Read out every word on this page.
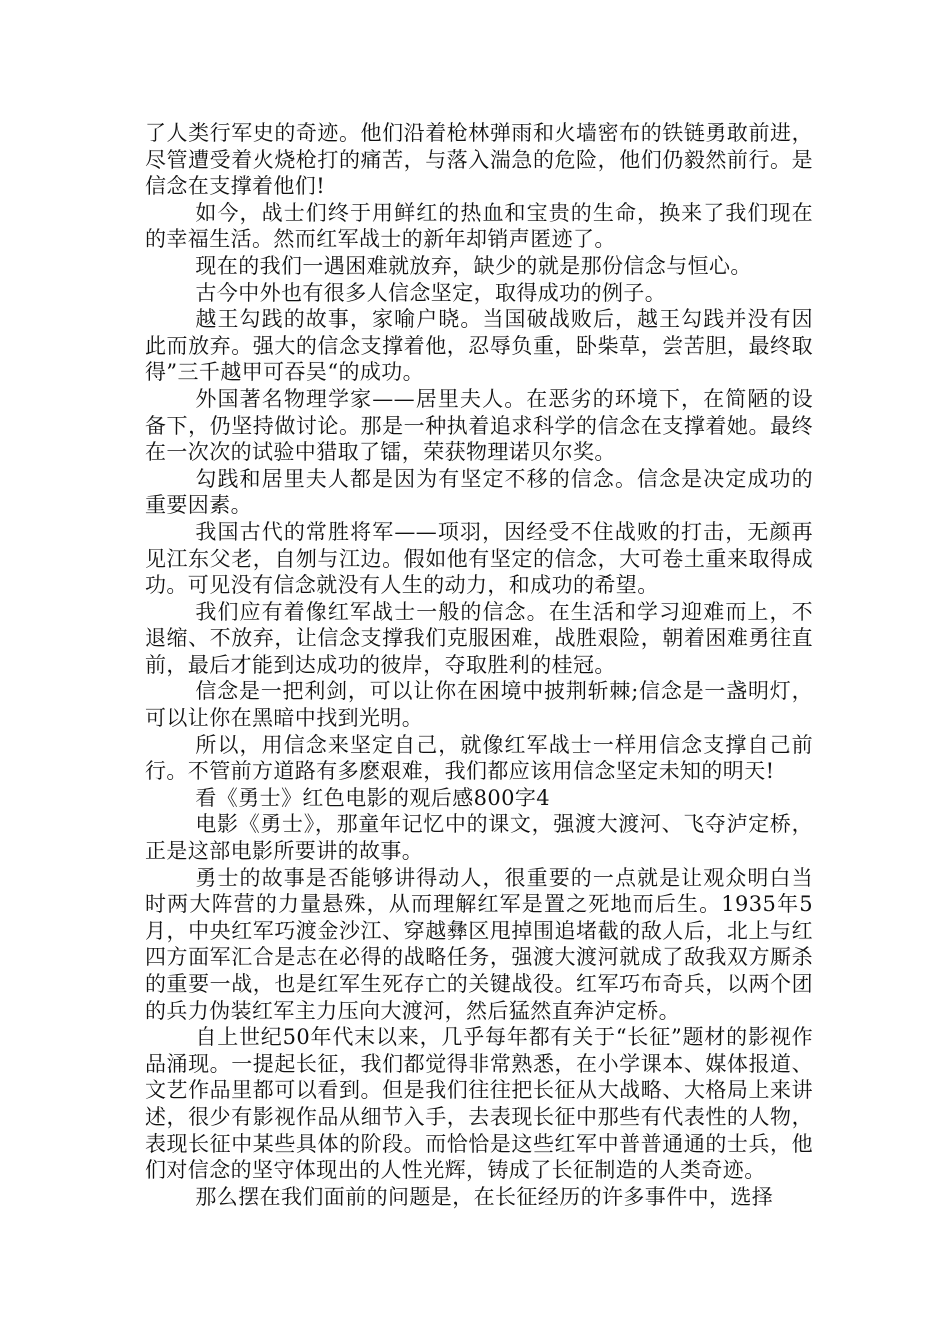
了人类行军史的奇迹。他们沿着枪林弹雨和火墙密布的铁链勇敢前进，尽管遭受着火烧枪打的痛苦，与落入湍急的危险，他们仍毅然前行。是信念在支撑着他们!

如今，战士们终于用鲜红的热血和宝贵的生命，换来了我们现在的幸福生活。然而红军战士的新年却销声匿迹了。

现在的我们一遇困难就放弃，缺少的就是那份信念与恒心。

古今中外也有很多人信念坚定，取得成功的例子。

越王勾践的故事，家喻户晓。当国破战败后，越王勾践并没有因此而放弃。强大的信念支撑着他，忍辱负重，卧柴草，尝苦胆，最终取得”三千越甲可吞吴“的成功。

外国著名物理学家——居里夫人。在恶劣的环境下，在简陋的设备下，仍坚持做讨论。那是一种执着追求科学的信念在支撑着她。最终在一次次的试验中猎取了镭，荣获物理诺贝尔奖。

勾践和居里夫人都是因为有坚定不移的信念。信念是决定成功的重要因素。

我国古代的常胜将军——项羽，因经受不住战败的打击，无颜再见江东父老，自刎与江边。假如他有坚定的信念，大可卷土重来取得成功。可见没有信念就没有人生的动力，和成功的希望。

我们应有着像红军战士一般的信念。在生活和学习迎难而上，不退缩、不放弃，让信念支撑我们克服困难，战胜艰险，朝着困难勇往直前，最后才能到达成功的彼岸，夺取胜利的桂冠。

信念是一把利剑，可以让你在困境中披荆斩棘;信念是一盏明灯，可以让你在黑暗中找到光明。

所以，用信念来坚定自己，就像红军战士一样用信念支撑自己前行。不管前方道路有多麽艰难，我们都应该用信念坚定未知的明天!

看《勇士》红色电影的观后感800字4

电影《勇士》，那童年记忆中的课文，强渡大渡河、飞夺泸定桥，正是这部电影所要讲的故事。

勇士的故事是否能够讲得动人，很重要的一点就是让观众明白当时两大阵营的力量悬殊，从而理解红军是置之死地而后生。1935年5月，中央红军巧渡金沙江、穿越彝区甩掉围追堵截的敌人后，北上与红四方面军汇合是志在必得的战略任务，强渡大渡河就成了敌我双方厮杀的重要一战，也是红军生死存亡的关键战役。红军巧布奇兵，以两个团的兵力伪装红军主力压向大渡河，然后猛然直奔泸定桥。

自上世纪50年代末以来，几乎每年都有关于“长征”题材的影视作品涌现。一提起长征，我们都觉得非常熟悉，在小学课本、媒体报道、文艺作品里都可以看到。但是我们往往把长征从大战略、大格局上来讲述，很少有影视作品从细节入手，去表现长征中那些有代表性的人物，表现长征中某些具体的阶段。而恰恰是这些红军中普普通通的士兵，他们对信念的坚守体现出的人性光辉，铸成了长征制造的人类奇迹。

那么摆在我们面前的问题是，在长征经历的许多事件中，选择
